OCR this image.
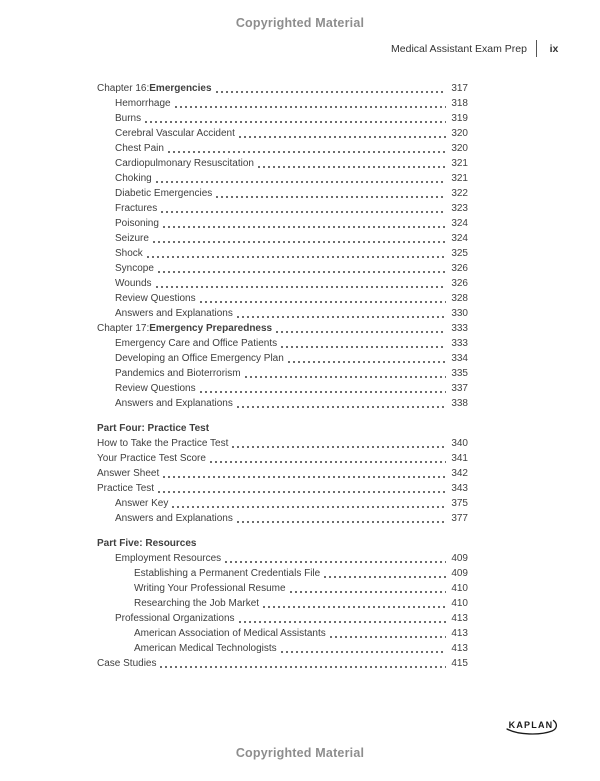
Copyrighted Material
Medical Assistant Exam Prep	ix
Chapter 16: Emergencies	317
Hemorrhage	318
Burns	319
Cerebral Vascular Accident	320
Chest Pain	320
Cardiopulmonary Resuscitation	321
Choking	321
Diabetic Emergencies	322
Fractures	323
Poisoning	324
Seizure	324
Shock	325
Syncope	326
Wounds	326
Review Questions	328
Answers and Explanations	330
Chapter 17: Emergency Preparedness	333
Emergency Care and Office Patients	333
Developing an Office Emergency Plan	334
Pandemics and Bioterrorism	335
Review Questions	337
Answers and Explanations	338
Part Four: Practice Test
How to Take the Practice Test	340
Your Practice Test Score	341
Answer Sheet	342
Practice Test	343
Answer Key	375
Answers and Explanations	377
Part Five: Resources
Employment Resources	409
Establishing a Permanent Credentials File	409
Writing Your Professional Resume	410
Researching the Job Market	410
Professional Organizations	413
American Association of Medical Assistants	413
American Medical Technologists	413
Case Studies	415
KAPLAN
Copyrighted Material
